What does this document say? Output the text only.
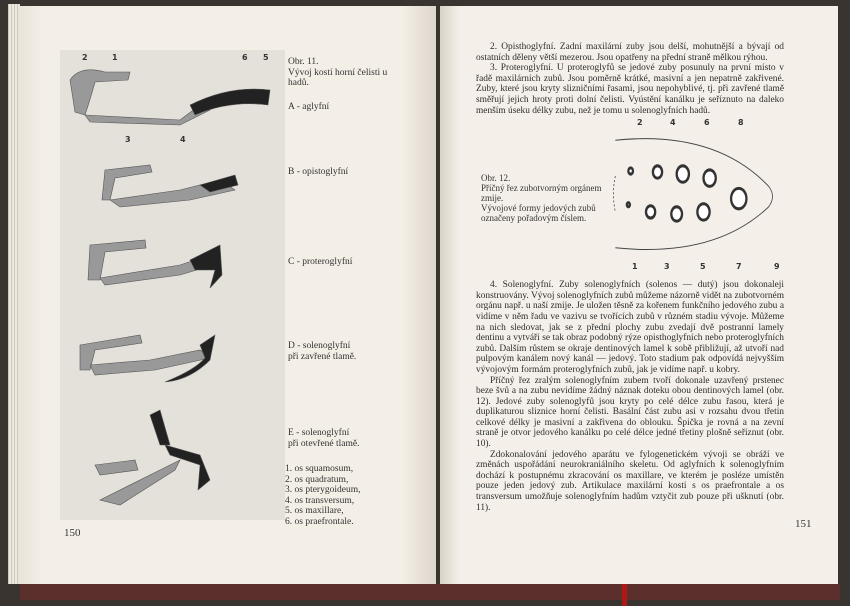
2	1	6 5
3	4
Obr. 11.
Vývoj kostí horní čelisti u hadů.
A - aglyfní
B - opistoglyfní
C - proteroglyfní
D - solenoglyfní
při zavřené tlamě.
E - solenoglyfní
při otevřené tlamě.
1. os squamosum,
2. os quadratum,
3. os pterygoideum,
4. os transversum,
5. os maxillare,
6. os praefrontale.
150

2. Opisthoglyfní. Zadní maxilární zuby jsou delší, mohutnější a bývají od ostatních děleny větší mezerou. Jsou opatřeny na přední straně mělkou rýhou.

3. Proteroglyfní. U proteroglyfů se jedové zuby posunuly na první místo v řadě maxilárních zubů. Jsou poměrně krátké, masivní a jen nepatrně zakřivené. Zuby, které jsou kryty slizničními řasami, jsou nepohyblivé, tj. při zavřené tlamě směřují jejich hroty proti dolní čelisti. Vyústění kanálku je seříznuto na daleko menším úseku délky zubu, než je tomu u solenoglyfních hadů.

2	4	6	8
Obr. 12.
Příčný řez zubotvorným orgánem zmije.
Vývojové formy jedových zubů označeny pořadovým číslem.
1	3	5	7	9

4. Solenoglyfní. Zuby solenoglyfních (solenos — dutý) jsou dokonaleji konstruovány. Vývoj solenoglyfních zubů můžeme názorně vidět na zubotvorném orgánu např. u naší zmije. Je uložen těsně za kořenem funkčního jedového zubu a vidíme v něm řadu ve vazivu se tvořících zubů v různém stadiu vývoje. Můžeme na nich sledovat, jak se z přední plochy zubu zvedají dvě postranní lamely dentinu a vytváří se tak obraz podobný rýze opisthoglyfních nebo proteroglyfních zubů. Dalším růstem se okraje dentinových lamel k sobě přibližují, až utvoří nad pulpovým kanálem nový kanál — jedový. Toto stadium pak odpovídá nejvyšším vývojovým formám proteroglyfních zubů, jak je vidíme např. u kobry.

Příčný řez zralým solenoglyfním zubem tvoří dokonale uzavřený prstenec beze švů a na zubu nevidíme žádný náznak doteku obou dentinových lamel (obr. 12). Jedové zuby solenoglyfů jsou kryty po celé délce zubu řasou, která je duplikaturou sliznice horní čelisti. Basální část zubu asi v rozsahu dvou třetin celkové délky je masivní a zakřivena do oblouku. Špička je rovná a na zevní straně je otvor jedového kanálku po celé délce jedné třetiny plošně seříznut (obr. 10).

Zdokonalování jedového aparátu ve fylogenetickém vývoji se obráží ve změnách uspořádání neurokraniálního skeletu. Od aglyfních k solenoglyfním dochází k postupnému zkracování os maxillare, ve kterém je posléze umístěn pouze jeden jedový zub. Artikulace maxilární kosti s os praefrontale a os transversum umožňuje solenoglyfním hadům vztyčit zub pouze při ušknutí (obr. 11).

151
